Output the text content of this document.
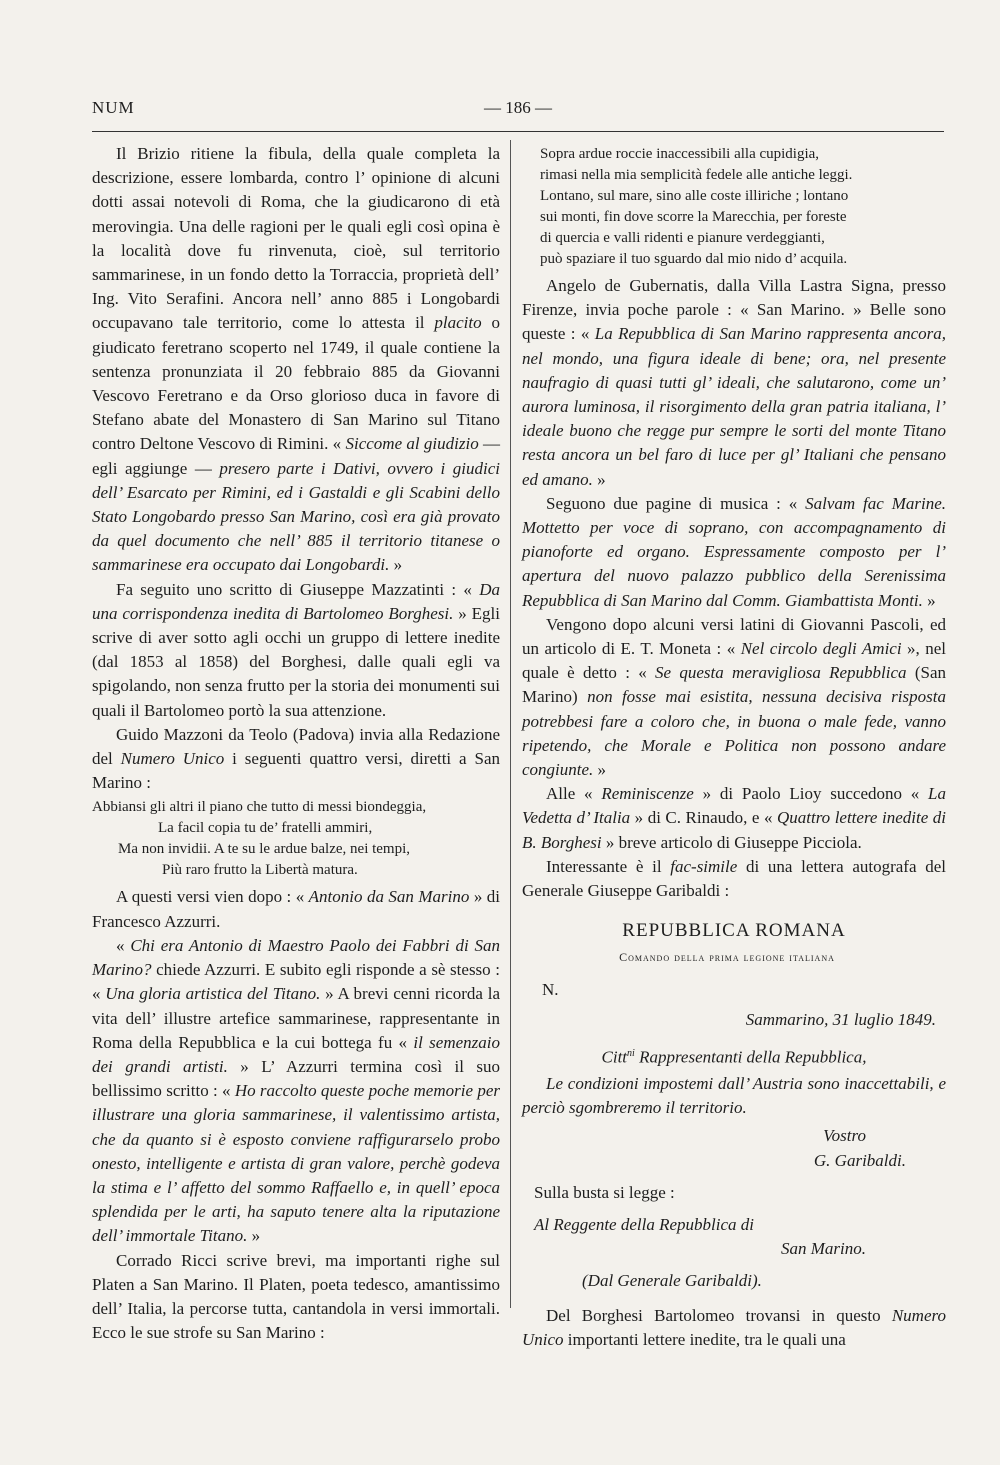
NUM	— 186 —

Il Brizio ritiene la fibula, della quale completa la descrizione, essere lombarda, contro l’ opinione di alcuni dotti assai notevoli di Roma, che la giudicarono di età merovingia. Una delle ragioni per le quali egli così opina è la località dove fu rinvenuta, cioè, sul territorio sammarinese, in un fondo detto la Torraccia, proprietà dell’ Ing. Vito Serafini. Ancora nell’ anno 885 i Longobardi occupavano tale territorio, come lo attesta il placito o giudicato feretrano scoperto nel 1749, il quale contiene la sentenza pronunziata il 20 febbraio 885 da Giovanni Vescovo Feretrano e da Orso glorioso duca in favore di Stefano abate del Monastero di San Marino sul Titano contro Deltone Vescovo di Rimini. « Siccome al giudizio — egli aggiunge — presero parte i Dativi, ovvero i giudici dell’ Esarcato per Rimini, ed i Gastaldi e gli Scabini dello Stato Longobardo presso San Marino, così era già provato da quel documento che nell’ 885 il territorio titanese o sammarinese era occupato dai Longobardi. »

Fa seguito uno scritto di Giuseppe Mazzatinti : « Da una corrispondenza inedita di Bartolomeo Borghesi. » Egli scrive di aver sotto agli occhi un gruppo di lettere inedite (dal 1853 al 1858) del Borghesi, dalle quali egli va spigolando, non senza frutto per la storia dei monumenti sui quali il Bartolomeo portò la sua attenzione.

Guido Mazzoni da Teolo (Padova) invia alla Redazione del Numero Unico i seguenti quattro versi, diretti a San Marino :

Abbiansi gli altri il piano che tutto di messi biondeggia,
La facil copia tu de’ fratelli ammiri,
Ma non invidii. A te su le ardue balze, nei tempi,
Più raro frutto la Libertà matura.

A questi versi vien dopo : « Antonio da San Marino » di Francesco Azzurri.

« Chi era Antonio di Maestro Paolo dei Fabbri di San Marino? chiede Azzurri. E subito egli risponde a sè stesso : « Una gloria artistica del Titano. » A brevi cenni ricorda la vita dell’ illustre artefice sammarinese, rappresentante in Roma della Repubblica e la cui bottega fu « il semenzaio dei grandi artisti. » L’ Azzurri termina così il suo bellissimo scritto : « Ho raccolto queste poche memorie per illustrare una gloria sammarinese, il valentissimo artista, che da quanto si è esposto conviene raffigurarselo probo onesto, intelligente e artista di gran valore, perchè godeva la stima e l’ affetto del sommo Raffaello e, in quell’ epoca splendida per le arti, ha saputo tenere alta la riputazione dell’ immortale Titano. »

Corrado Ricci scrive brevi, ma importanti righe sul Platen a San Marino. Il Platen, poeta tedesco, amantissimo dell’ Italia, la percorse tutta, cantandola in versi immortali. Ecco le sue strofe su San Marino :

Sopra ardue roccie inaccessibili alla cupidigia,
rimasi nella mia semplicità fedele alle antiche leggi.
Lontano, sul mare, sino alle coste illiriche ; lontano
sui monti, fin dove scorre la Marecchia, per foreste
di quercia e valli ridenti e pianure verdeggianti,
può spaziare il tuo sguardo dal mio nido d’ acquila.

Angelo de Gubernatis, dalla Villa Lastra Signa, presso Firenze, invia poche parole : « San Marino. » Belle sono queste : « La Repubblica di San Marino rappresenta ancora, nel mondo, una figura ideale di bene; ora, nel presente naufragio di quasi tutti gl’ ideali, che salutarono, come un’ aurora luminosa, il risorgimento della gran patria italiana, l’ ideale buono che regge pur sempre le sorti del monte Titano resta ancora un bel faro di luce per gl’ Italiani che pensano ed amano. »

Seguono due pagine di musica : « Salvam fac Marine. Mottetto per voce di soprano, con accompagnamento di pianoforte ed organo. Espressamente composto per l’ apertura del nuovo palazzo pubblico della Serenissima Repubblica di San Marino dal Comm. Giambattista Monti. »

Vengono dopo alcuni versi latini di Giovanni Pascoli, ed un articolo di E. T. Moneta : « Nel circolo degli Amici », nel quale è detto : « Se questa meravigliosa Repubblica (San Marino) non fosse mai esistita, nessuna decisiva risposta potrebbesi fare a coloro che, in buona o male fede, vanno ripetendo, che Morale e Politica non possono andare congiunte. »

Alle « Reminiscenze » di Paolo Lioy succedono « La Vedetta d’ Italia » di C. Rinaudo, e « Quattro lettere inedite di B. Borghesi » breve articolo di Giuseppe Picciola.

Interessante è il fac-simile di una lettera autografa del Generale Giuseppe Garibaldi :

REPUBBLICA ROMANA
Comando della prima legione italiana
N.
Sammarino, 31 luglio 1849.
Citt$^{ni}$ Rappresentanti della Repubblica,
Le condizioni impostemi dall’ Austria sono inaccettabili, e perciò sgombreremo il territorio.
Vostro
G. Garibaldi.
Sulla busta si legge :
Al Reggente della Repubblica di
San Marino.
(Dal Generale Garibaldi).

Del Borghesi Bartolomeo trovansi in questo Numero Unico importanti lettere inedite, tra le quali una
